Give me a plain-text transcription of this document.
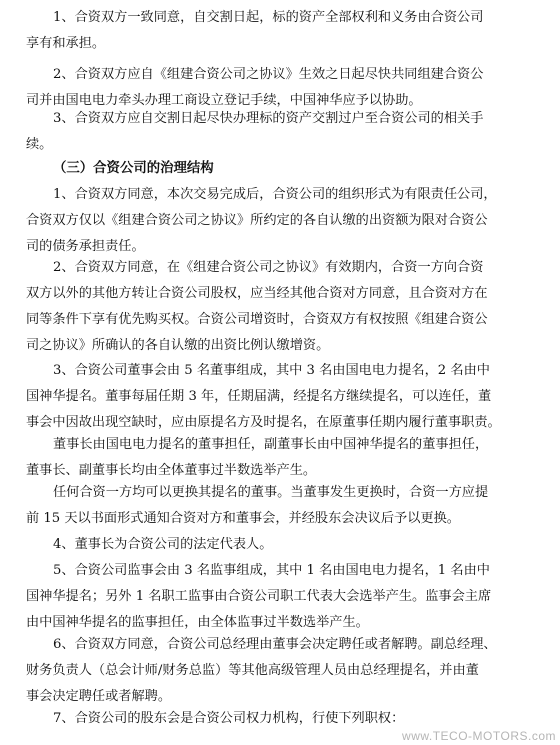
1、合资双方一致同意，自交割日起，标的资产全部权利和义务由合资公司
享有和承担。
2、合资双方应自《组建合资公司之协议》生效之日起尽快共同组建合资公
司并由国电电力牵头办理工商设立登记手续，中国神华应予以协助。
3、合资双方应自交割日起尽快办理标的资产交割过户至合资公司的相关手
续。
（三）合资公司的治理结构
1、合资双方同意，本次交易完成后，合资公司的组织形式为有限责任公司，
合资双方仅以《组建合资公司之协议》所约定的各自认缴的出资额为限对合资公
司的债务承担责任。
2、合资双方同意，在《组建合资公司之协议》有效期内，合资一方向合资
双方以外的其他方转让合资公司股权，应当经其他合资对方同意，且合资对方在
同等条件下享有优先购买权。合资公司增资时，合资双方有权按照《组建合资公
司之协议》所确认的各自认缴的出资比例认缴增资。
3、合资公司董事会由 5 名董事组成，其中 3 名由国电电力提名，2 名由中
国神华提名。董事每届任期 3 年，任期届满，经提名方继续提名，可以连任，董
事会中因故出现空缺时，应由原提名方及时提名，在原董事任期内履行董事职责。
董事长由国电电力提名的董事担任，副董事长由中国神华提名的董事担任，
董事长、副董事长均由全体董事过半数选举产生。
任何合资一方均可以更换其提名的董事。当董事发生更换时，合资一方应提
前 15 天以书面形式通知合资对方和董事会，并经股东会决议后予以更换。
4、董事长为合资公司的法定代表人。
5、合资公司监事会由 3 名监事组成，其中 1 名由国电电力提名，1 名由中
国神华提名；另外 1 名职工监事由合资公司职工代表大会选举产生。监事会主席
由中国神华提名的监事担任，由全体监事过半数选举产生。
6、合资双方同意，合资公司总经理由董事会决定聘任或者解聘。副总经理、
财务负责人（总会计师/财务总监）等其他高级管理人员由总经理提名，并由董
事会决定聘任或者解聘。
7、合资公司的股东会是合资公司权力机构，行使下列职权：
www.TECO-MOTORS.com
